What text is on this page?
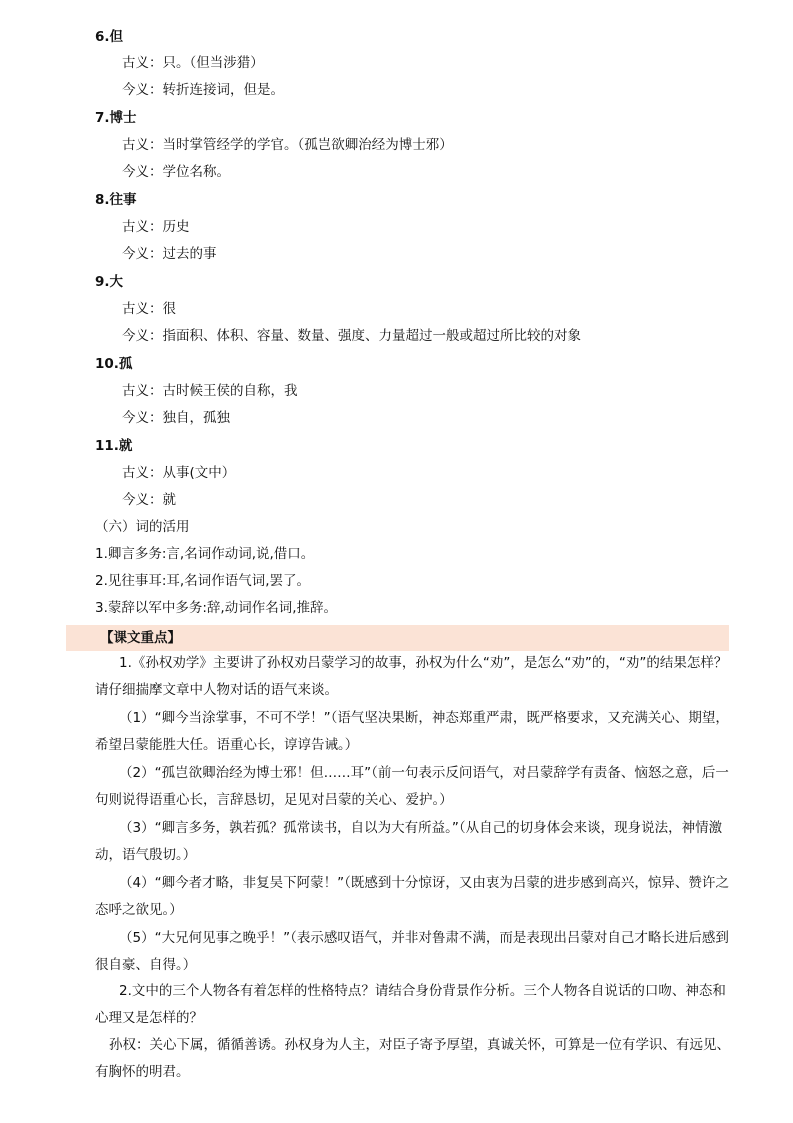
6.但
古义：只。（但当涉猎）
今义：转折连接词，但是。
7.博士
古义：当时掌管经学的学官。（孤岂欲卿治经为博士邪）
今义：学位名称。
8.往事
古义：历史
今义：过去的事
9.大
古义：很
今义：指面积、体积、容量、数量、强度、力量超过一般或超过所比较的对象
10.孤
古义：古时候王侯的自称，我
今义：独自，孤独
11.就
古义：从事(文中）
今义：就
（六）词的活用
1.卿言多务:言,名词作动词,说,借口。
2.见往事耳:耳,名词作语气词,罢了。
3.蒙辞以军中多务:辞,动词作名词,推辞。
【课文重点】
1.《孙权劝学》主要讲了孙权劝吕蒙学习的故事，孙权为什么“劝”，是怎么“劝”的，“劝”的结果怎样？请仔细揣摩文章中人物对话的语气来谈。
（1）“卿今当涂掌事，不可不学！”（语气坚决果断，神态郑重严肃，既严格要求，又充满关心、期望，希望吕蒙能胜大任。语重心长，谆谆告诫。）
（2）“孤岂欲卿治经为博士邪！但……耳”（前一句表示反问语气，对吕蒙辞学有责备、恼怒之意，后一句则说得语重心长，言辞恳切，足见对吕蒙的关心、爱护。）
（3）“卿言多务，孰若孤？孤常读书，自以为大有所益。”（从自己的切身体会来谈，现身说法，神情激动，语气殷切。）
（4）“卿今者才略，非复吴下阿蒙！”（既感到十分惊讶，又由衷为吕蒙的进步感到高兴，惊异、赞许之态呼之欲见。）
（5）“大兄何见事之晚乎！”（表示感叹语气，并非对鲁肃不满，而是表现出吕蒙对自己才略长进后感到很自豪、自得。）
2.文中的三个人物各有着怎样的性格特点？请结合身份背景作分析。三个人物各自说话的口吻、神态和心理又是怎样的？
孙权：关心下属，循循善诱。孙权身为人主，对臣子寄予厚望，真诚关怀，可算是一位有学识、有远见、有胸怀的明君。
